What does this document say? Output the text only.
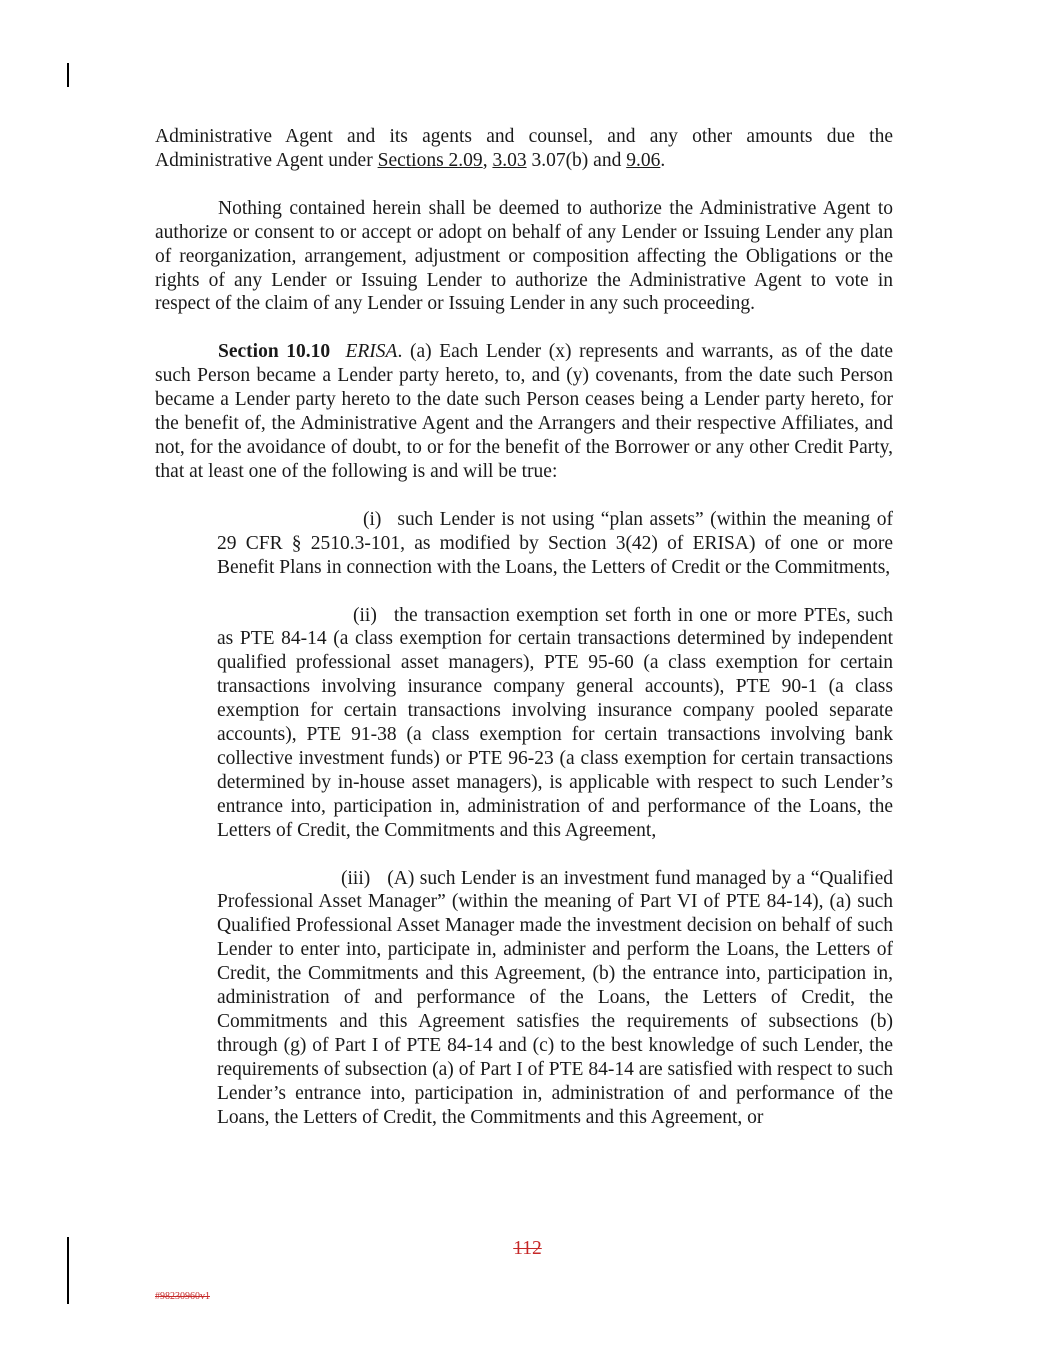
Administrative Agent and its agents and counsel, and any other amounts due the Administrative Agent under Sections 2.09, 3.03 3.07(b) and 9.06.

Nothing contained herein shall be deemed to authorize the Administrative Agent to authorize or consent to or accept or adopt on behalf of any Lender or Issuing Lender any plan of reorganization, arrangement, adjustment or composition affecting the Obligations or the rights of any Lender or Issuing Lender to authorize the Administrative Agent to vote in respect of the claim of any Lender or Issuing Lender in any such proceeding.

Section 10.10 ERISA. (a) Each Lender (x) represents and warrants, as of the date such Person became a Lender party hereto, to, and (y) covenants, from the date such Person became a Lender party hereto to the date such Person ceases being a Lender party hereto, for the benefit of, the Administrative Agent and the Arrangers and their respective Affiliates, and not, for the avoidance of doubt, to or for the benefit of the Borrower or any other Credit Party, that at least one of the following is and will be true:

(i) such Lender is not using “plan assets” (within the meaning of 29 CFR § 2510.3-101, as modified by Section 3(42) of ERISA) of one or more Benefit Plans in connection with the Loans, the Letters of Credit or the Commitments,

(ii) the transaction exemption set forth in one or more PTEs, such as PTE 84-14 (a class exemption for certain transactions determined by independent qualified professional asset managers), PTE 95-60 (a class exemption for certain transactions involving insurance company general accounts), PTE 90-1 (a class exemption for certain transactions involving insurance company pooled separate accounts), PTE 91-38 (a class exemption for certain transactions involving bank collective investment funds) or PTE 96-23 (a class exemption for certain transactions determined by in-house asset managers), is applicable with respect to such Lender’s entrance into, participation in, administration of and performance of the Loans, the Letters of Credit, the Commitments and this Agreement,

(iii) (A) such Lender is an investment fund managed by a “Qualified Professional Asset Manager” (within the meaning of Part VI of PTE 84-14), (a) such Qualified Professional Asset Manager made the investment decision on behalf of such Lender to enter into, participate in, administer and perform the Loans, the Letters of Credit, the Commitments and this Agreement, (b) the entrance into, participation in, administration of and performance of the Loans, the Letters of Credit, the Commitments and this Agreement satisfies the requirements of subsections (b) through (g) of Part I of PTE 84-14 and (c) to the best knowledge of such Lender, the requirements of subsection (a) of Part I of PTE 84-14 are satisfied with respect to such Lender’s entrance into, participation in, administration of and performance of the Loans, the Letters of Credit, the Commitments and this Agreement, or

112
#98230960v1
